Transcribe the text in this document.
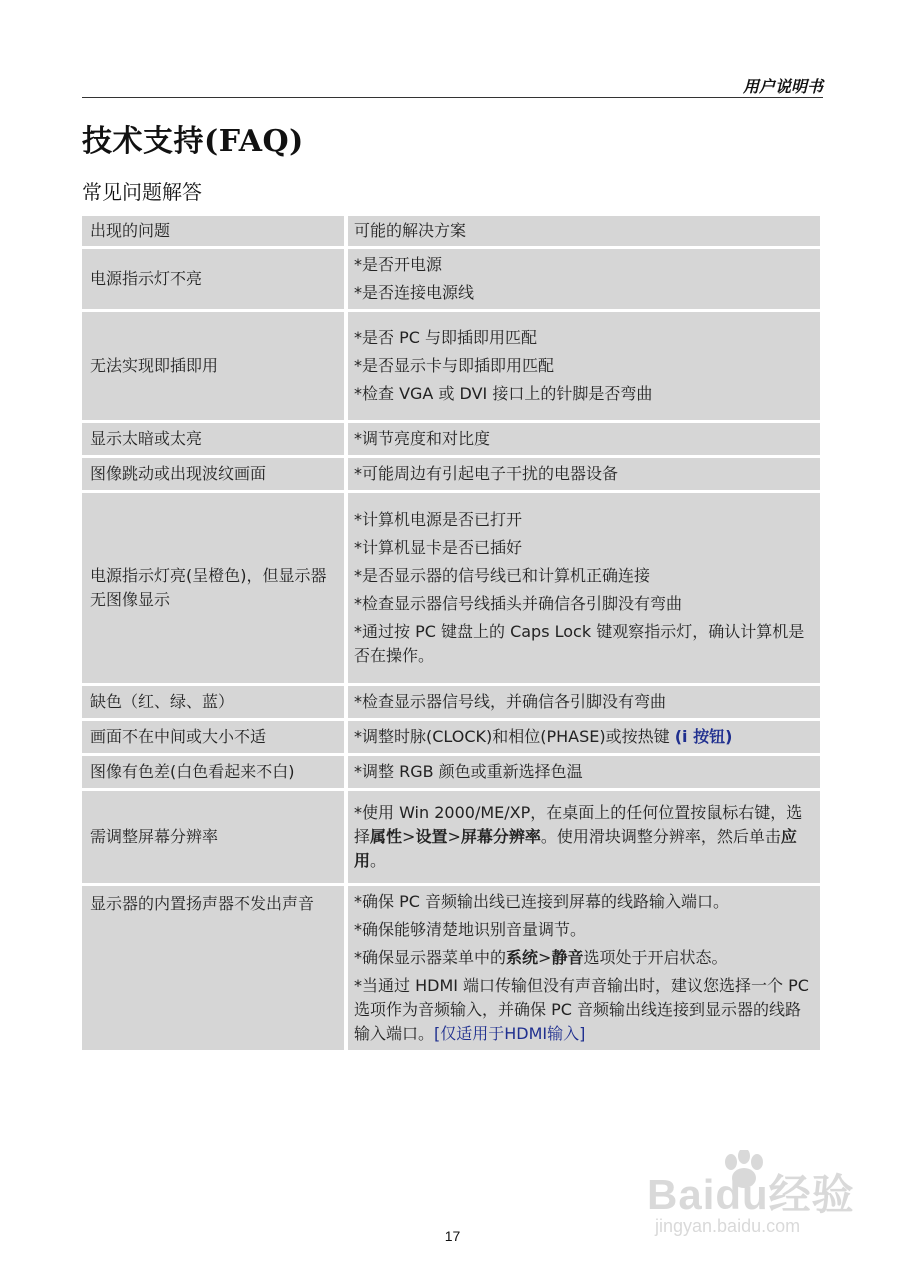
用户说明书
技术支持(FAQ)
常见问题解答
出现的问题	可能的解决方案
电源指示灯不亮	*是否开电源
*是否连接电源线

无法实现即插即用	*是否 PC 与即插即用匹配
*是否显示卡与即插即用匹配
*检查 VGA 或 DVI 接口上的针脚是否弯曲

显示太暗或太亮	*调节亮度和对比度

图像跳动或出现波纹画面	*可能周边有引起电子干扰的电器设备

电源指示灯亮(呈橙色)，但显示器无图像显示	*计算机电源是否已打开
*计算机显卡是否已插好
*是否显示器的信号线已和计算机正确连接
*检查显示器信号线插头并确信各引脚没有弯曲
*通过按 PC 键盘上的 Caps Lock 键观察指示灯，确认计算机是否在操作。

缺色（红、绿、蓝）	*检查显示器信号线，并确信各引脚没有弯曲

画面不在中间或大小不适	*调整时脉(CLOCK)和相位(PHASE)或按热键 (i 按钮)

图像有色差(白色看起来不白)	*调整 RGB 颜色或重新选择色温

需调整屏幕分辨率	*使用 Win 2000/ME/XP，在桌面上的任何位置按鼠标右键，选择属性>设置>屏幕分辨率。使用滑块调整分辨率，然后单击应用。

显示器的内置扬声器不发出声音	*确保 PC 音频输出线已连接到屏幕的线路输入端口。
*确保能够清楚地识别音量调节。
*确保显示器菜单中的系统>静音选项处于开启状态。
*当通过 HDMI 端口传输但没有声音输出时，建议您选择一个 PC 选项作为音频输入，并确保 PC 音频输出线连接到显示器的线路输入端口。[仅适用于HDMI输入]
Baidu经验
jingyan.baidu.com
17
